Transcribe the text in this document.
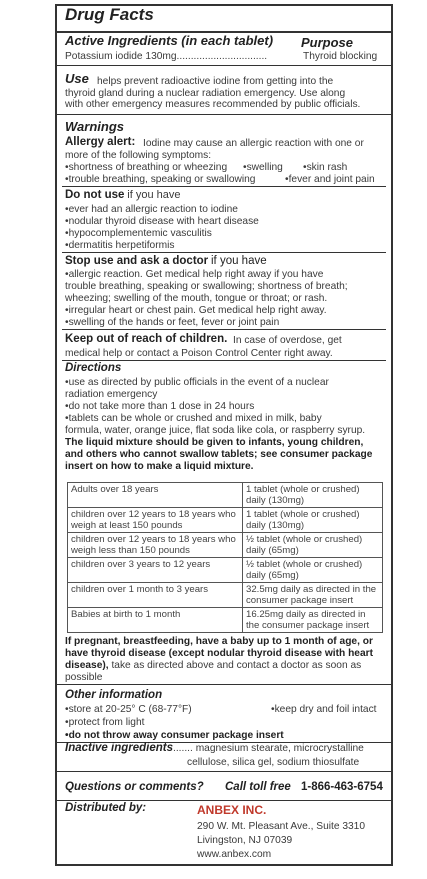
Drug Facts
Active Ingredients (in each tablet) Purpose
Potassium iodide 130mg................................	Thyroid blocking
Use helps prevent radioactive iodine from getting into the
thyroid gland during a nuclear radiation emergency. Use along
with other emergency measures recommended by public officials.
Warnings
Allergy alert: Iodine may cause an allergic reaction with one or
more of the following symptoms:
•shortness of breathing or wheezing •swelling •skin rash
•trouble breathing, speaking or swallowing	•fever and joint pain
Do not use if you have
•ever had an allergic reaction to iodine
•nodular thyroid disease with heart disease
•hypocomplementemic vasculitis
•dermatitis herpetiformis
Stop use and ask a doctor if you have
•allergic reaction. Get medical help right away if you have
trouble breathing, speaking or swallowing; shortness of breath;
wheezing; swelling of the mouth, tongue or throat; or rash.
•irregular heart or chest pain. Get medical help right away.
•swelling of the hands or feet, fever or joint pain
Keep out of reach of children. In case of overdose, get
medical help or contact a Poison Control Center right away.
Directions
•use as directed by public officials in the event of a nuclear
radiation emergency
•do not take more than 1 dose in 24 hours
•tablets can be whole or crushed and mixed in milk, baby
formula, water, orange juice, flat soda like cola, or raspberry syrup.
The liquid mixture should be given to infants, young children,
and others who cannot swallow tablets; see consumer package
insert on how to make a liquid mixture.
Adults over 18 years	1 tablet (whole or crushed) daily (130mg)
children over 12 years to 18 years who weigh at least 150 pounds	1 tablet (whole or crushed) daily (130mg)
children over 12 years to 18 years who weigh less than 150 pounds	½ tablet (whole or crushed) daily (65mg)
children over 3 years to 12 years	½ tablet (whole or crushed) daily (65mg)
children over 1 month to 3 years	32.5mg daily as directed in the consumer package insert
Babies at birth to 1 month	16.25mg daily as directed in the consumer package insert
If pregnant, breastfeeding, have a baby up to 1 month of age, or
have thyroid disease (except nodular thyroid disease with heart
disease), take as directed above and contact a doctor as soon as
possible
Other information
•store at 20-25° C (68-77°F)	•keep dry and foil intact
•protect from light
•do not throw away consumer package insert
Inactive ingredients....... magnesium stearate, microcrystalline
cellulose, silica gel, sodium thiosulfate
Questions or comments? Call toll free 1-866-463-6754
Distributed by:	ANBEX INC.
290 W. Mt. Pleasant Ave., Suite 3310
Livingston, NJ 07039
www.anbex.com
